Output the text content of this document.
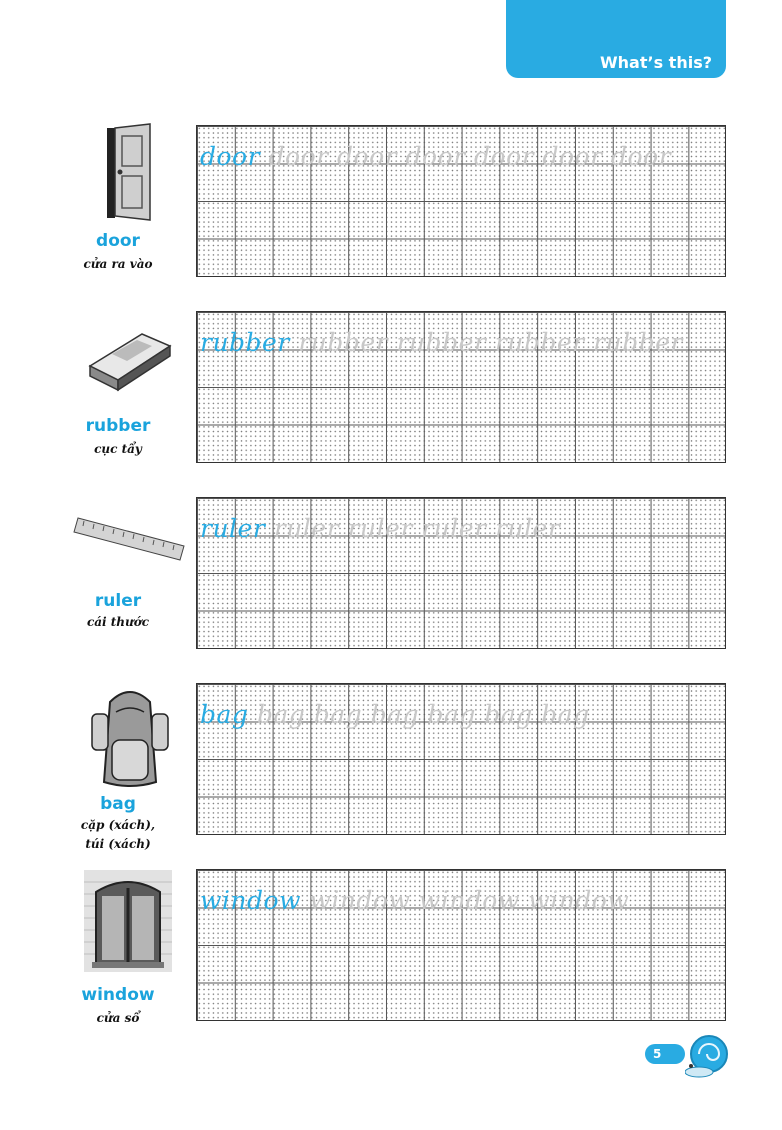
What’s this?
door
cửa ra vào
door door door door door door door
rubber
cục tẩy
rubber rubber rubber rubber rubber
ruler
cái thước
ruler ruler ruler ruler ruler
bag
cặp (xách),
túi (xách)
bag bag bag bag bag bag bag
window
cửa sổ
window window window window
5
